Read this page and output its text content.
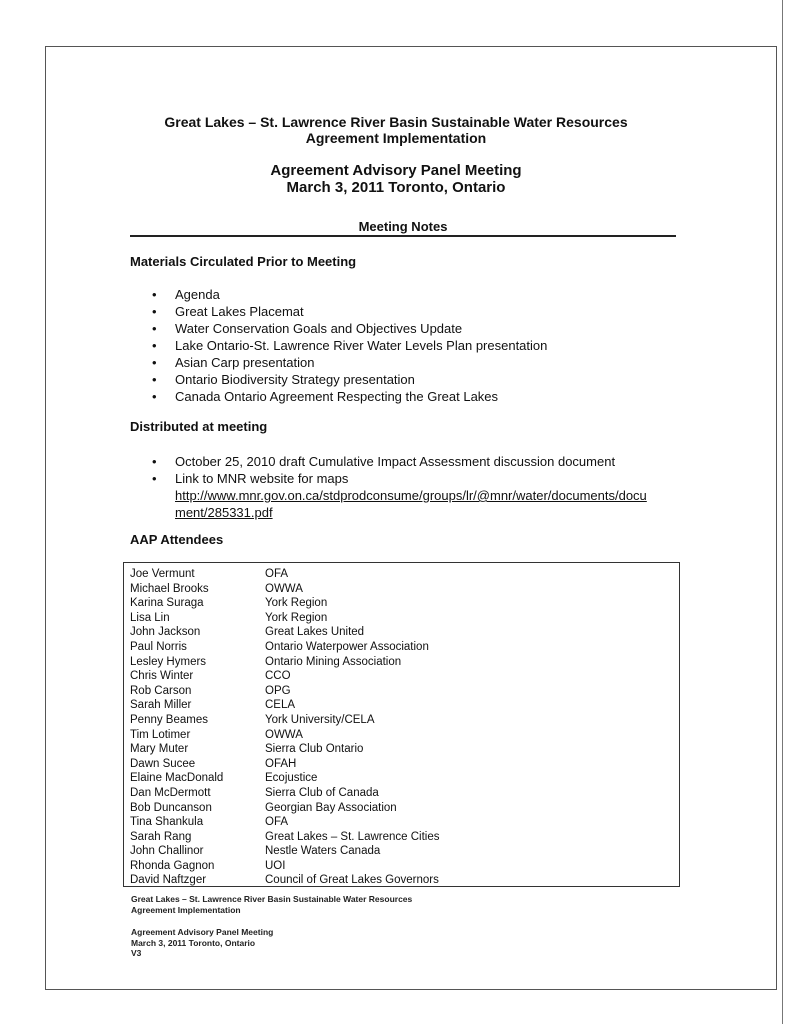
Great Lakes – St. Lawrence River Basin Sustainable Water Resources
Agreement Implementation
Agreement Advisory Panel Meeting
March 3, 2011 Toronto, Ontario
Meeting Notes
Materials Circulated Prior to Meeting
• Agenda
• Great Lakes Placemat
• Water Conservation Goals and Objectives Update
• Lake Ontario-St. Lawrence River Water Levels Plan presentation
• Asian Carp presentation
• Ontario Biodiversity Strategy presentation
• Canada Ontario Agreement Respecting the Great Lakes
Distributed at meeting
• October 25, 2010 draft Cumulative Impact Assessment discussion document
• Link to MNR website for maps
http://www.mnr.gov.on.ca/stdprodconsume/groups/lr/@mnr/water/documents/document/285331.pdf
AAP Attendees
Joe Vermunt	OFA
Michael Brooks	OWWA
Karina Suraga	York Region
Lisa Lin	York Region
John Jackson	Great Lakes United
Paul Norris	Ontario Waterpower Association
Lesley Hymers	Ontario Mining Association
Chris Winter	CCO
Rob Carson	OPG
Sarah Miller	CELA
Penny Beames	York University/CELA
Tim Lotimer	OWWA
Mary Muter	Sierra Club Ontario
Dawn Sucee	OFAH
Elaine MacDonald	Ecojustice
Dan McDermott	Sierra Club of Canada
Bob Duncanson	Georgian Bay Association
Tina Shankula	OFA
Sarah Rang	Great Lakes – St. Lawrence Cities
John Challinor	Nestle Waters Canada
Rhonda Gagnon	UOI
David Naftzger	Council of Great Lakes Governors
Great Lakes – St. Lawrence River Basin Sustainable Water Resources
Agreement Implementation
Agreement Advisory Panel Meeting
March 3, 2011 Toronto, Ontario
V3
